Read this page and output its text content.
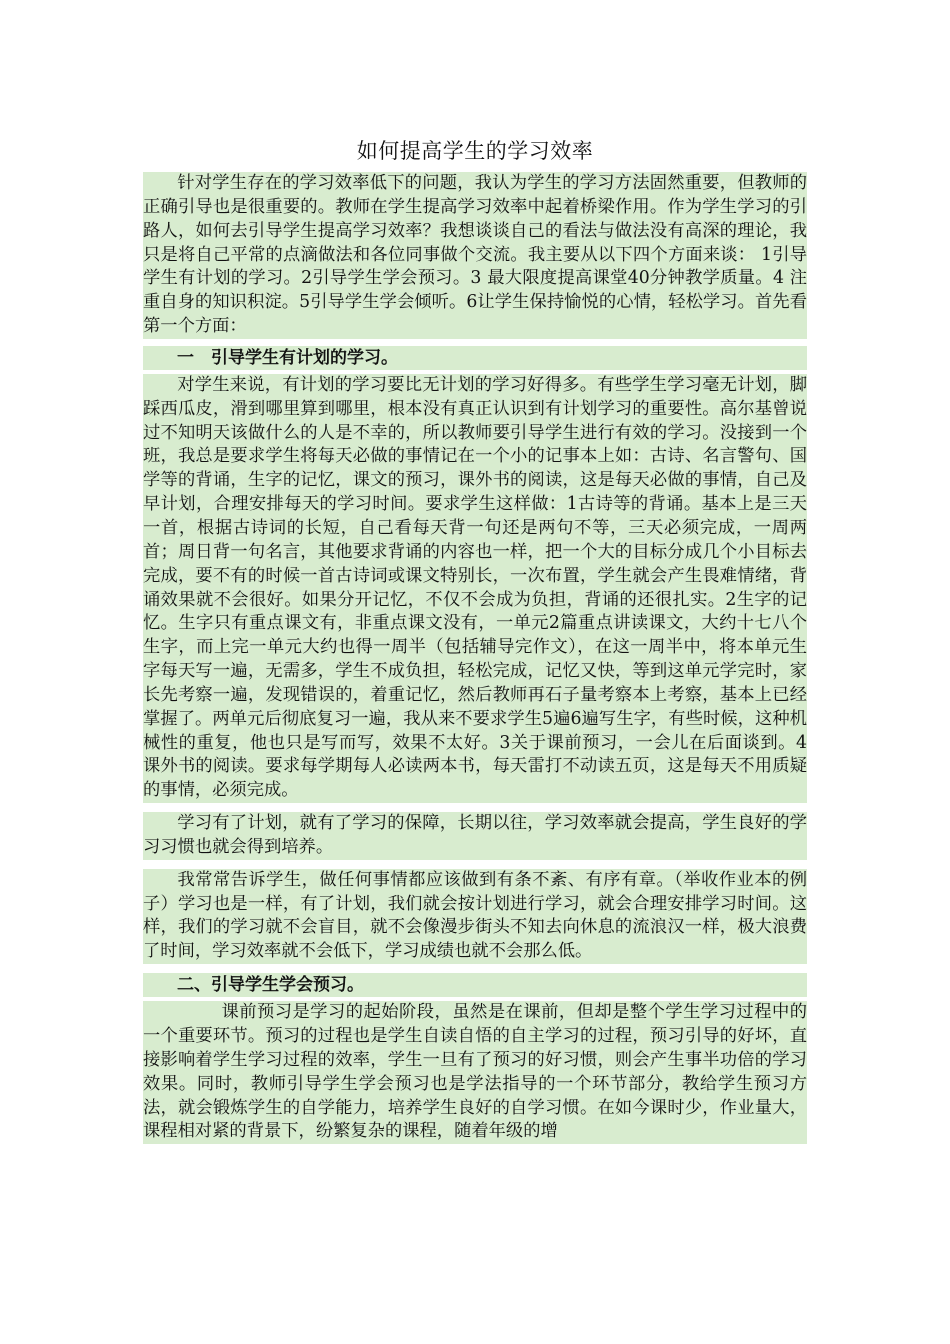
如何提高学生的学习效率

针对学生存在的学习效率低下的问题，我认为学生的学习方法固然重要，但教师的正确引导也是很重要的。教师在学生提高学习效率中起着桥梁作用。作为学生学习的引路人，如何去引导学生提高学习效率？我想谈谈自己的看法与做法没有高深的理论，我只是将自己平常的点滴做法和各位同事做个交流。我主要从以下四个方面来谈： 1引导学生有计划的学习。2引导学生学会预习。3 最大限度提高课堂40分钟教学质量。4 注重自身的知识积淀。5引导学生学会倾听。6让学生保持愉悦的心情，轻松学习。首先看第一个方面：

一　引导学生有计划的学习。

对学生来说，有计划的学习要比无计划的学习好得多。有些学生学习毫无计划，脚踩西瓜皮，滑到哪里算到哪里，根本没有真正认识到有计划学习的重要性。高尔基曾说过不知明天该做什么的人是不幸的，所以教师要引导学生进行有效的学习。没接到一个班，我总是要求学生将每天必做的事情记在一个小的记事本上如：古诗、名言警句、国学等的背诵，生字的记忆，课文的预习，课外书的阅读，这是每天必做的事情，自己及早计划，合理安排每天的学习时间。要求学生这样做：1古诗等的背诵。基本上是三天一首，根据古诗词的长短，自己看每天背一句还是两句不等，三天必须完成，一周两首；周日背一句名言，其他要求背诵的内容也一样，把一个大的目标分成几个小目标去完成，要不有的时候一首古诗词或课文特别长，一次布置，学生就会产生畏难情绪，背诵效果就不会很好。如果分开记忆，不仅不会成为负担，背诵的还很扎实。2生字的记忆。生字只有重点课文有，非重点课文没有，一单元2篇重点讲读课文，大约十七八个生字，而上完一单元大约也得一周半（包括辅导完作文），在这一周半中，将本单元生字每天写一遍，无需多，学生不成负担，轻松完成，记忆又快，等到这单元学完时，家长先考察一遍，发现错误的，着重记忆，然后教师再石子量考察本上考察，基本上已经掌握了。两单元后彻底复习一遍，我从来不要求学生5遍6遍写生字，有些时候，这种机械性的重复，他也只是写而写，效果不太好。3关于课前预习，一会儿在后面谈到。4 课外书的阅读。要求每学期每人必读两本书，每天雷打不动读五页，这是每天不用质疑的事情，必须完成。

学习有了计划，就有了学习的保障，长期以往，学习效率就会提高，学生良好的学习习惯也就会得到培养。

我常常告诉学生，做任何事情都应该做到有条不紊、有序有章。（举收作业本的例子）学习也是一样，有了计划，我们就会按计划进行学习，就会合理安排学习时间。这样，我们的学习就不会盲目，就不会像漫步街头不知去向休息的流浪汉一样，极大浪费了时间，学习效率就不会低下，学习成绩也就不会那么低。

二、引导学生学会预习。

课前预习是学习的起始阶段，虽然是在课前，但却是整个学生学习过程中的一个重要环节。预习的过程也是学生自读自悟的自主学习的过程，预习引导的好坏，直接影响着学生学习过程的效率，学生一旦有了预习的好习惯，则会产生事半功倍的学习效果。同时，教师引导学生学会预习也是学法指导的一个环节部分，教给学生预习方法，就会锻炼学生的自学能力，培养学生良好的自学习惯。在如今课时少，作业量大，课程相对紧的背景下，纷繁复杂的课程，随着年级的增
